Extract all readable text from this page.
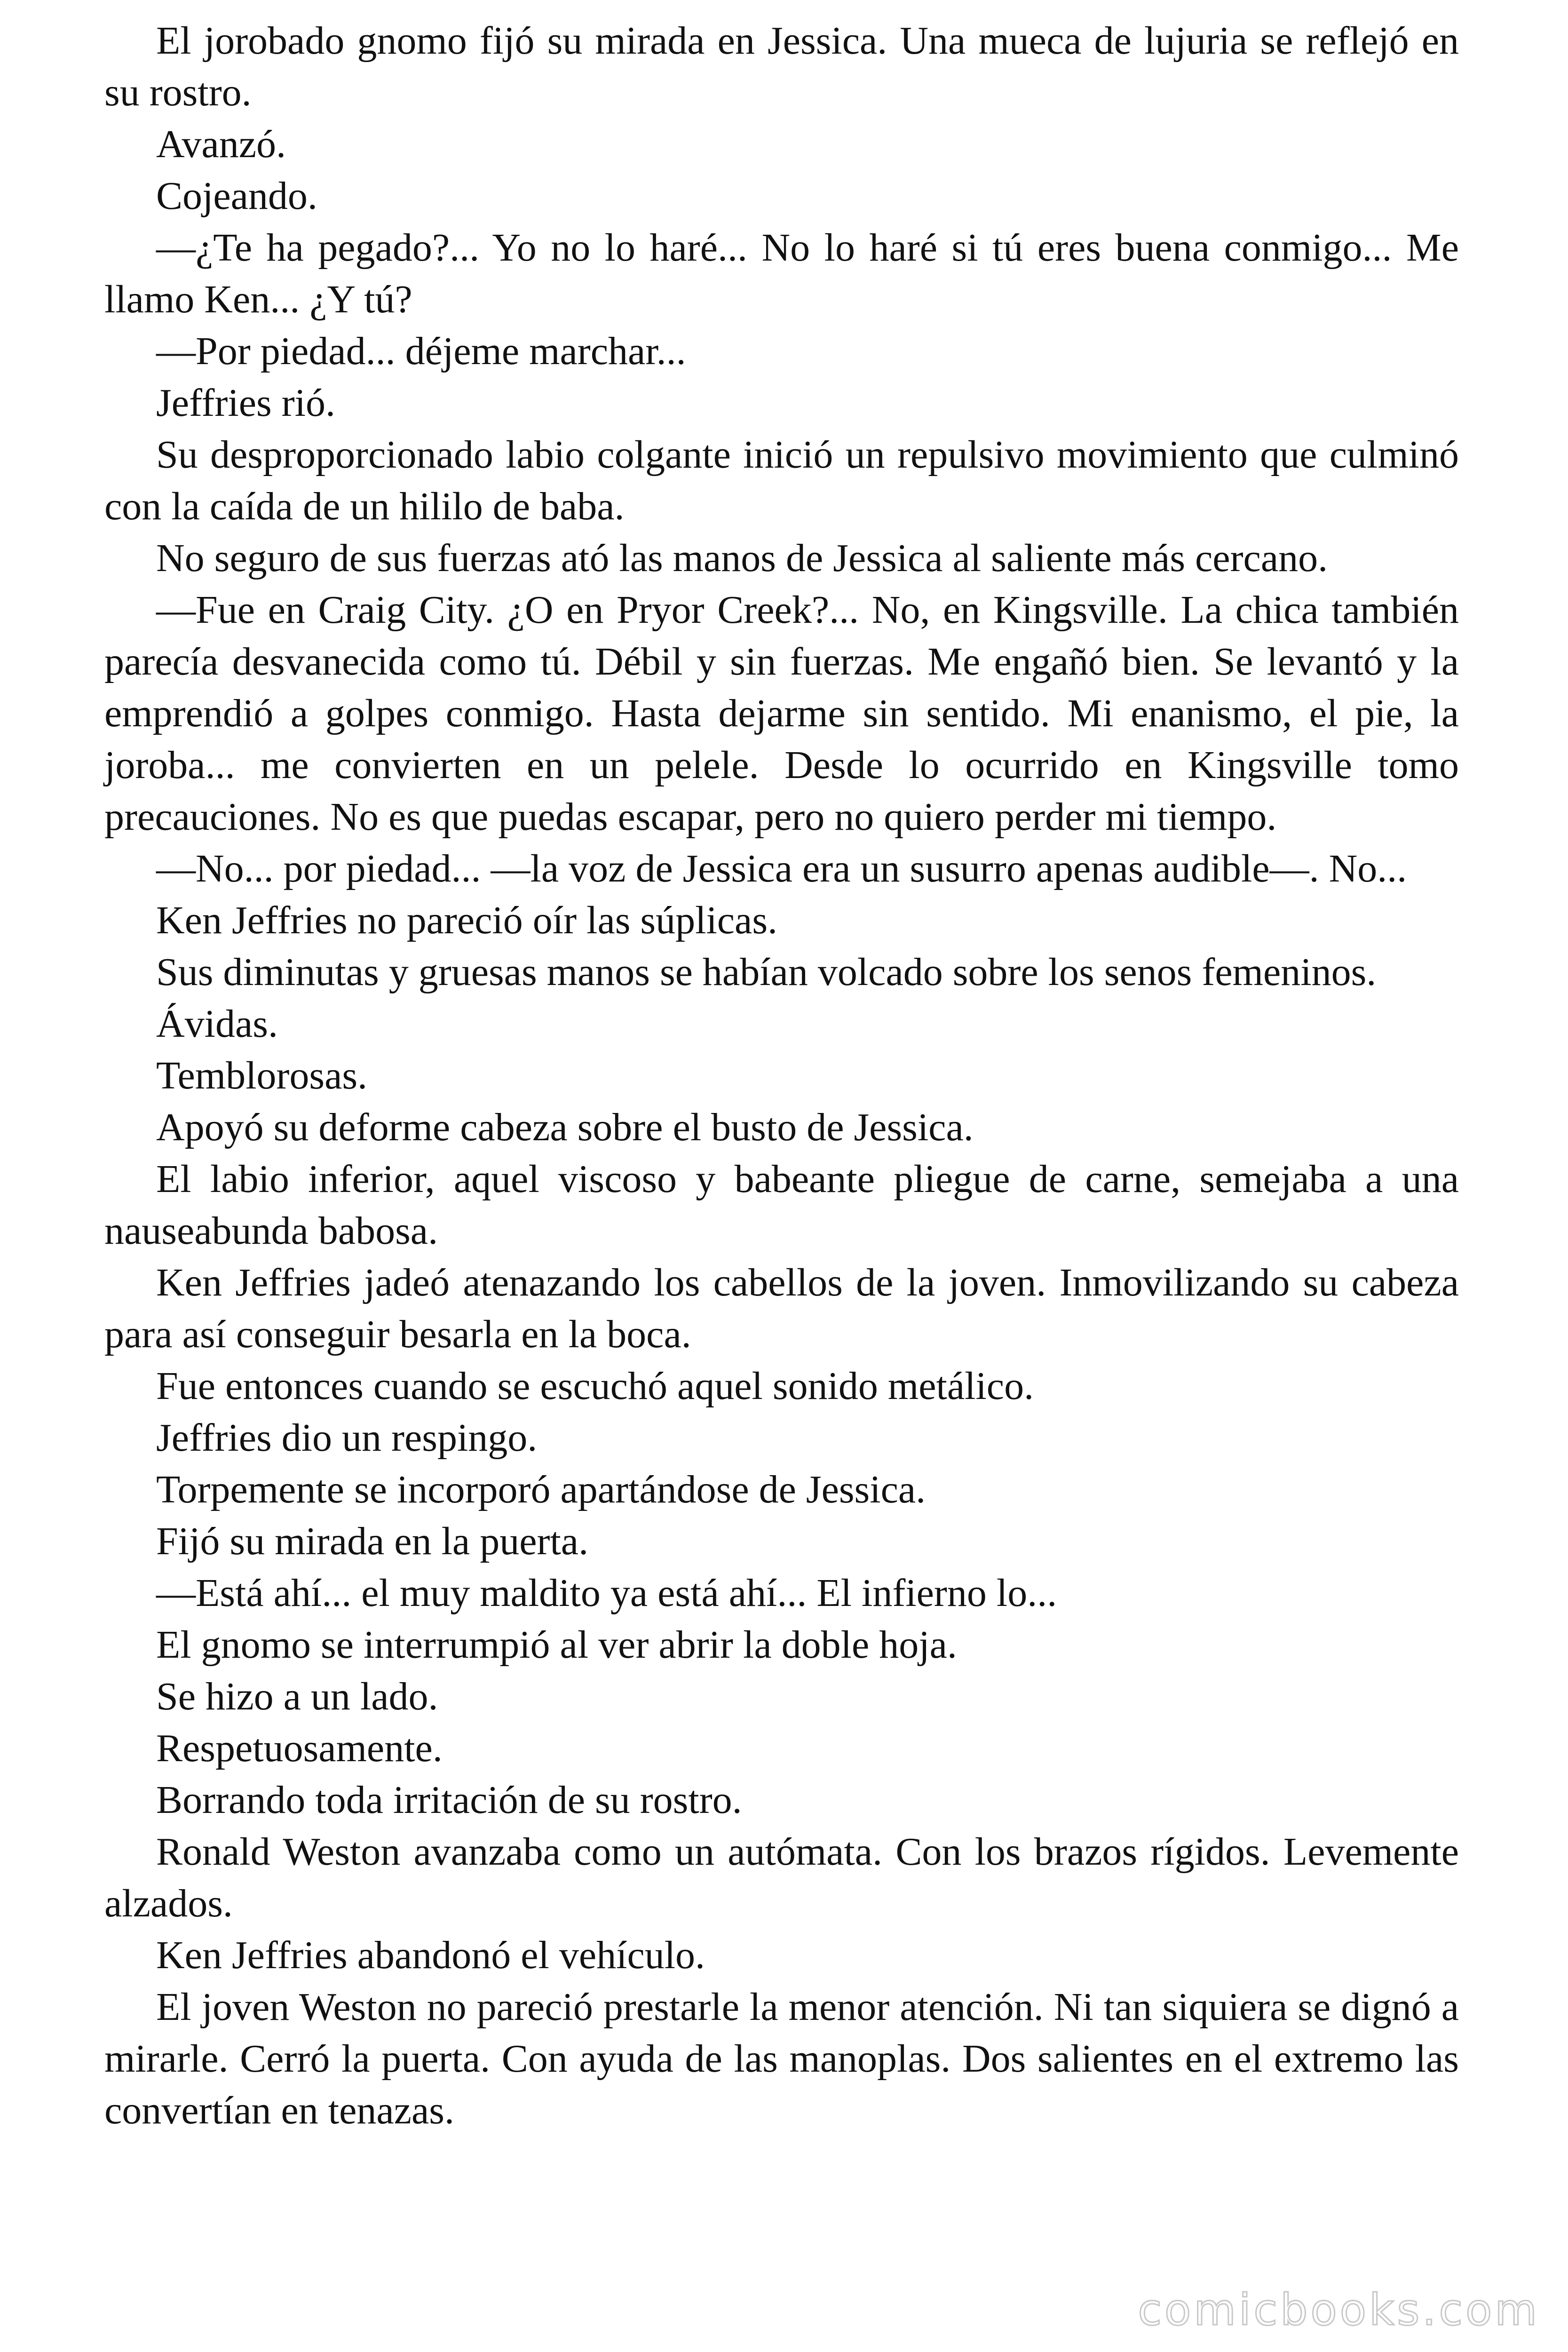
El jorobado gnomo fijó su mirada en Jessica. Una mueca de lujuria se reflejó en su rostro.

Avanzó.

Cojeando.

—¿Te ha pegado?... Yo no lo haré... No lo haré si tú eres buena conmigo... Me llamo Ken... ¿Y tú?

—Por piedad... déjeme marchar...

Jeffries rió.

Su desproporcionado labio colgante inició un repulsivo movimiento que culminó con la caída de un hililo de baba.

No seguro de sus fuerzas ató las manos de Jessica al saliente más cercano.

—Fue en Craig City. ¿O en Pryor Creek?... No, en Kingsville. La chica también parecía desvanecida como tú. Débil y sin fuerzas. Me engañó bien. Se levantó y la emprendió a golpes conmigo. Hasta dejarme sin sentido. Mi enanismo, el pie, la joroba... me convierten en un pelele. Desde lo ocurrido en Kingsville tomo precauciones. No es que puedas escapar, pero no quiero perder mi tiempo.

—No... por piedad... —la voz de Jessica era un susurro apenas audible—. No...

Ken Jeffries no pareció oír las súplicas.

Sus diminutas y gruesas manos se habían volcado sobre los senos femeninos.

Ávidas.

Temblorosas.

Apoyó su deforme cabeza sobre el busto de Jessica.

El labio inferior, aquel viscoso y babeante pliegue de carne, semejaba a una nauseabunda babosa.

Ken Jeffries jadeó atenazando los cabellos de la joven. Inmovilizando su cabeza para así conseguir besarla en la boca.

Fue entonces cuando se escuchó aquel sonido metálico.

Jeffries dio un respingo.

Torpemente se incorporó apartándose de Jessica.

Fijó su mirada en la puerta.

—Está ahí... el muy maldito ya está ahí... El infierno lo...

El gnomo se interrumpió al ver abrir la doble hoja.

Se hizo a un lado.

Respetuosamente.

Borrando toda irritación de su rostro.

Ronald Weston avanzaba como un autómata. Con los brazos rígidos. Levemente alzados.

Ken Jeffries abandonó el vehículo.

El joven Weston no pareció prestarle la menor atención. Ni tan siquiera se dignó a mirarle. Cerró la puerta. Con ayuda de las manoplas. Dos salientes en el extremo las convertían en tenazas.

comicbooks.com
